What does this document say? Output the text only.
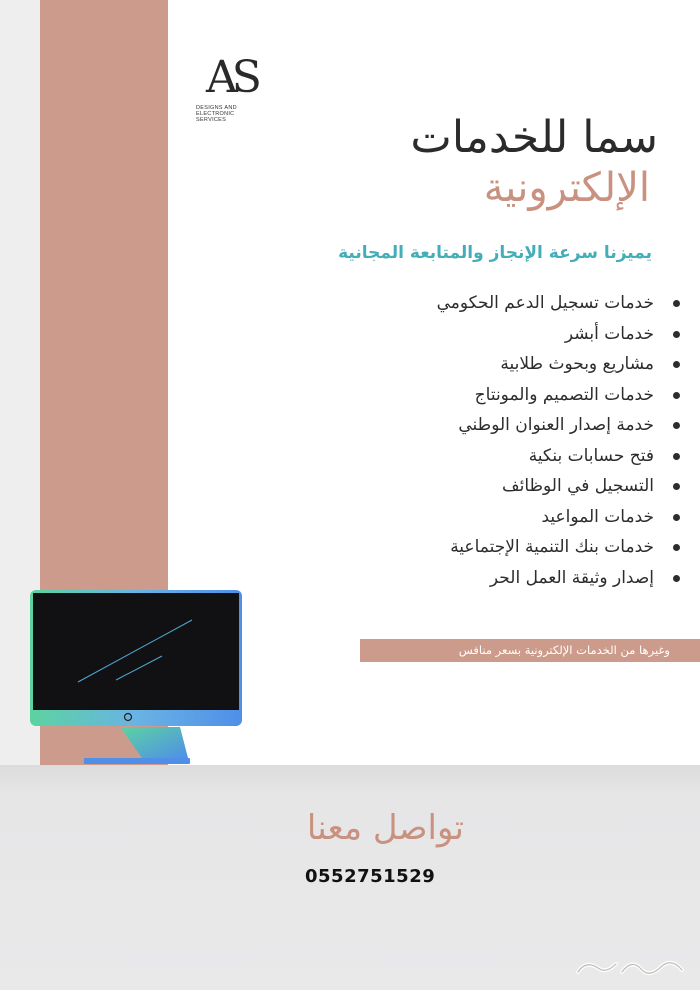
AS
DESIGNS AND ELECTRONIC SERVICES	سما للخدمات
الإلكترونية
يميزنا سرعة الإنجاز والمتابعة المجانية
خدمات تسجيل الدعم الحكومي
خدمات أبشر
مشاريع وبحوث طلابية
خدمات التصميم والمونتاج
خدمة إصدار العنوان الوطني
فتح حسابات بنكية
التسجيل في الوظائف
خدمات المواعيد
خدمات بنك التنمية الإجتماعية
إصدار وثيقة العمل الحر
وغيرها من الخدمات الإلكترونية بسعر منافس
تواصل معنا
0552751529
